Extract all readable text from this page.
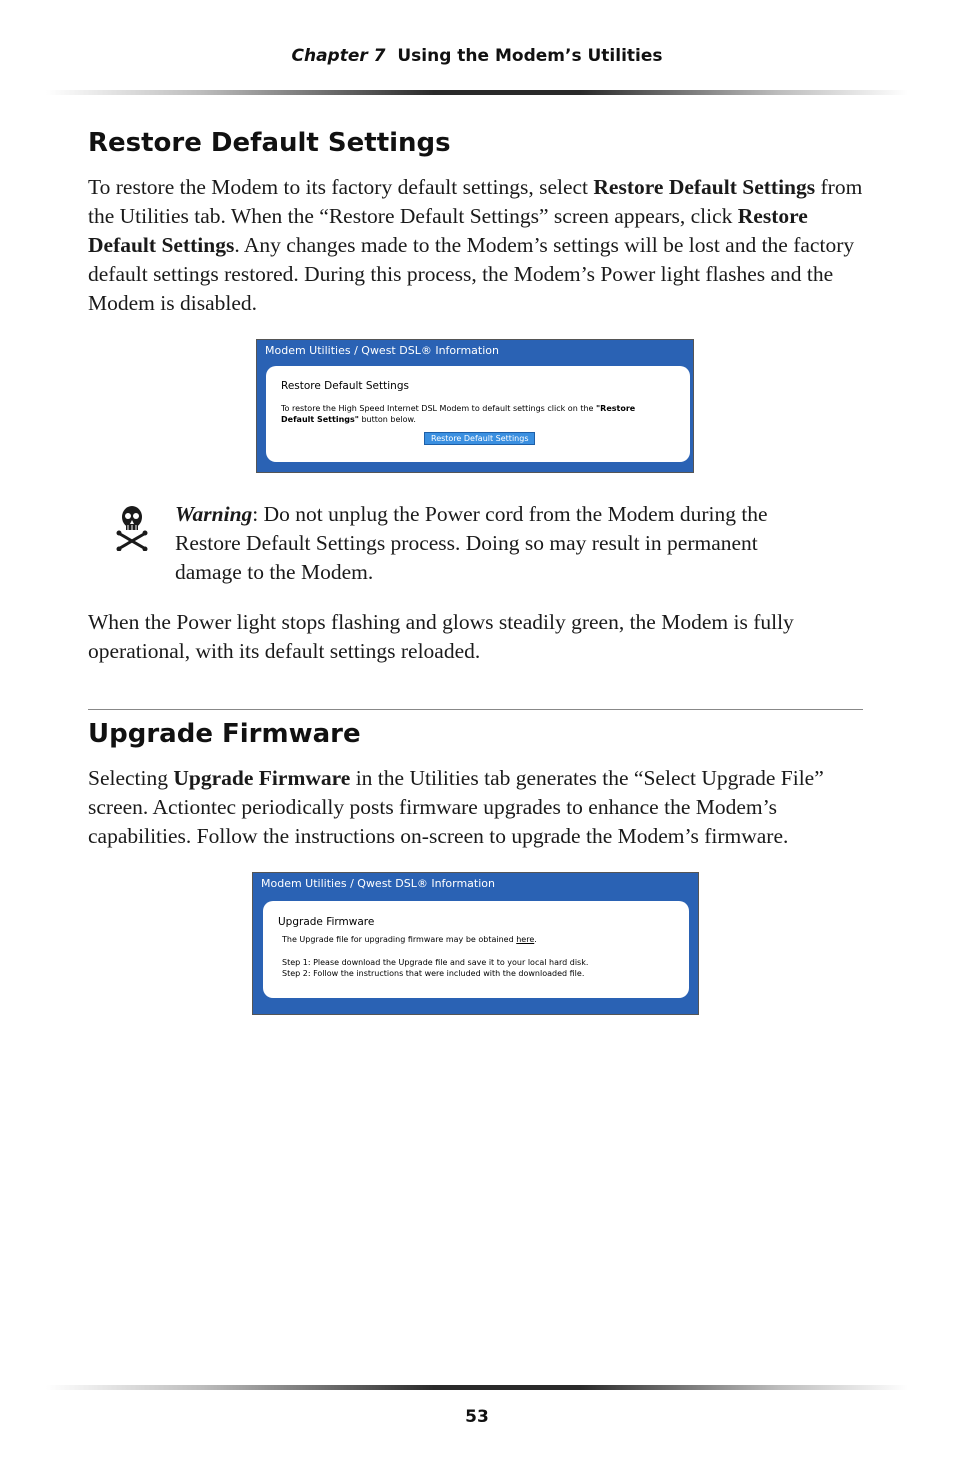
Chapter 7 Using the Modem’s Utilities
Restore Default Settings

To restore the Modem to its factory default settings, select Restore Default Settings from the Utilities tab. When the “Restore Default Settings” screen appears, click Restore Default Settings. Any changes made to the Modem’s settings will be lost and the factory default settings restored. During this process, the Modem’s Power light flashes and the Modem is disabled.

Modem Utilities / Qwest DSL® Information
Restore Default Settings
To restore the High Speed Internet DSL Modem to default settings click on the "Restore Default Settings" button below.
Restore Default Settings

Warning: Do not unplug the Power cord from the Modem during the Restore Default Settings process. Doing so may result in permanent damage to the Modem.

When the Power light stops flashing and glows steadily green, the Modem is fully operational, with its default settings reloaded.

Upgrade Firmware

Selecting Upgrade Firmware in the Utilities tab generates the “Select Upgrade File” screen. Actiontec periodically posts firmware upgrades to enhance the Modem’s capabilities. Follow the instructions on-screen to upgrade the Modem’s firmware.

Modem Utilities / Qwest DSL® Information
Upgrade Firmware
The Upgrade file for upgrading firmware may be obtained here.
Step 1: Please download the Upgrade file and save it to your local hard disk.
Step 2: Follow the instructions that were included with the downloaded file.
53
